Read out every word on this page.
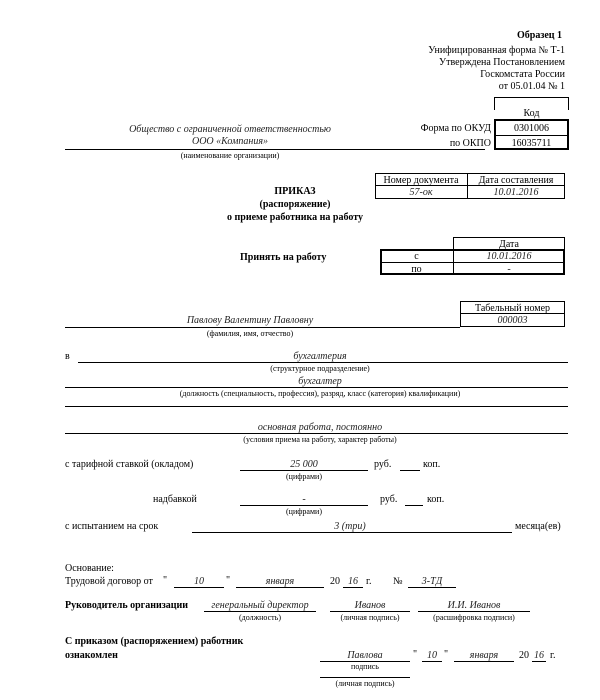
Образец 1
Унифицированная форма № Т-1
Утверждена Постановлением
Госкомстата России
от 05.01.04 № 1
Код
Форма по ОКУД	0301006
по ОКПО	16035711
Общество с ограниченной ответственностью
ООО «Компания»
(наименование организации)
Номер документа	Дата составления
57-ок	10.01.2016
ПРИКАЗ
(распоряжение)
о приеме работника на работу
Принять на работу
Дата
с	10.01.2016
по	-
Табельный номер
000003
Павлову Валентину Павловну
(фамилия, имя, отчество)
в	бухгалтерия
(структурное подразделение)
бухгалтер
(должность (специальность, профессия), разряд, класс (категория) квалификации)
основная работа, постоянно
(условия приема на работу, характер работы)
с тарифной ставкой (окладом)	25 000	руб.	коп.
(цифрами)
надбавкой	-	руб.	коп.
(цифрами)
с испытанием на срок	3 (три)	месяца(ев)
Основание:
Трудовой договор от "	10	"	января	20 16 г. №	3-ТД
Руководитель организации	генеральный директор
(должность)
Иванов
(личная подпись)
И.И. Иванов
(расшифровка подписи)
С приказом (распоряжением) работник
ознакомлен	Павлова
подпись
" 10 "	января	20 16 г.
(личная подпись)
